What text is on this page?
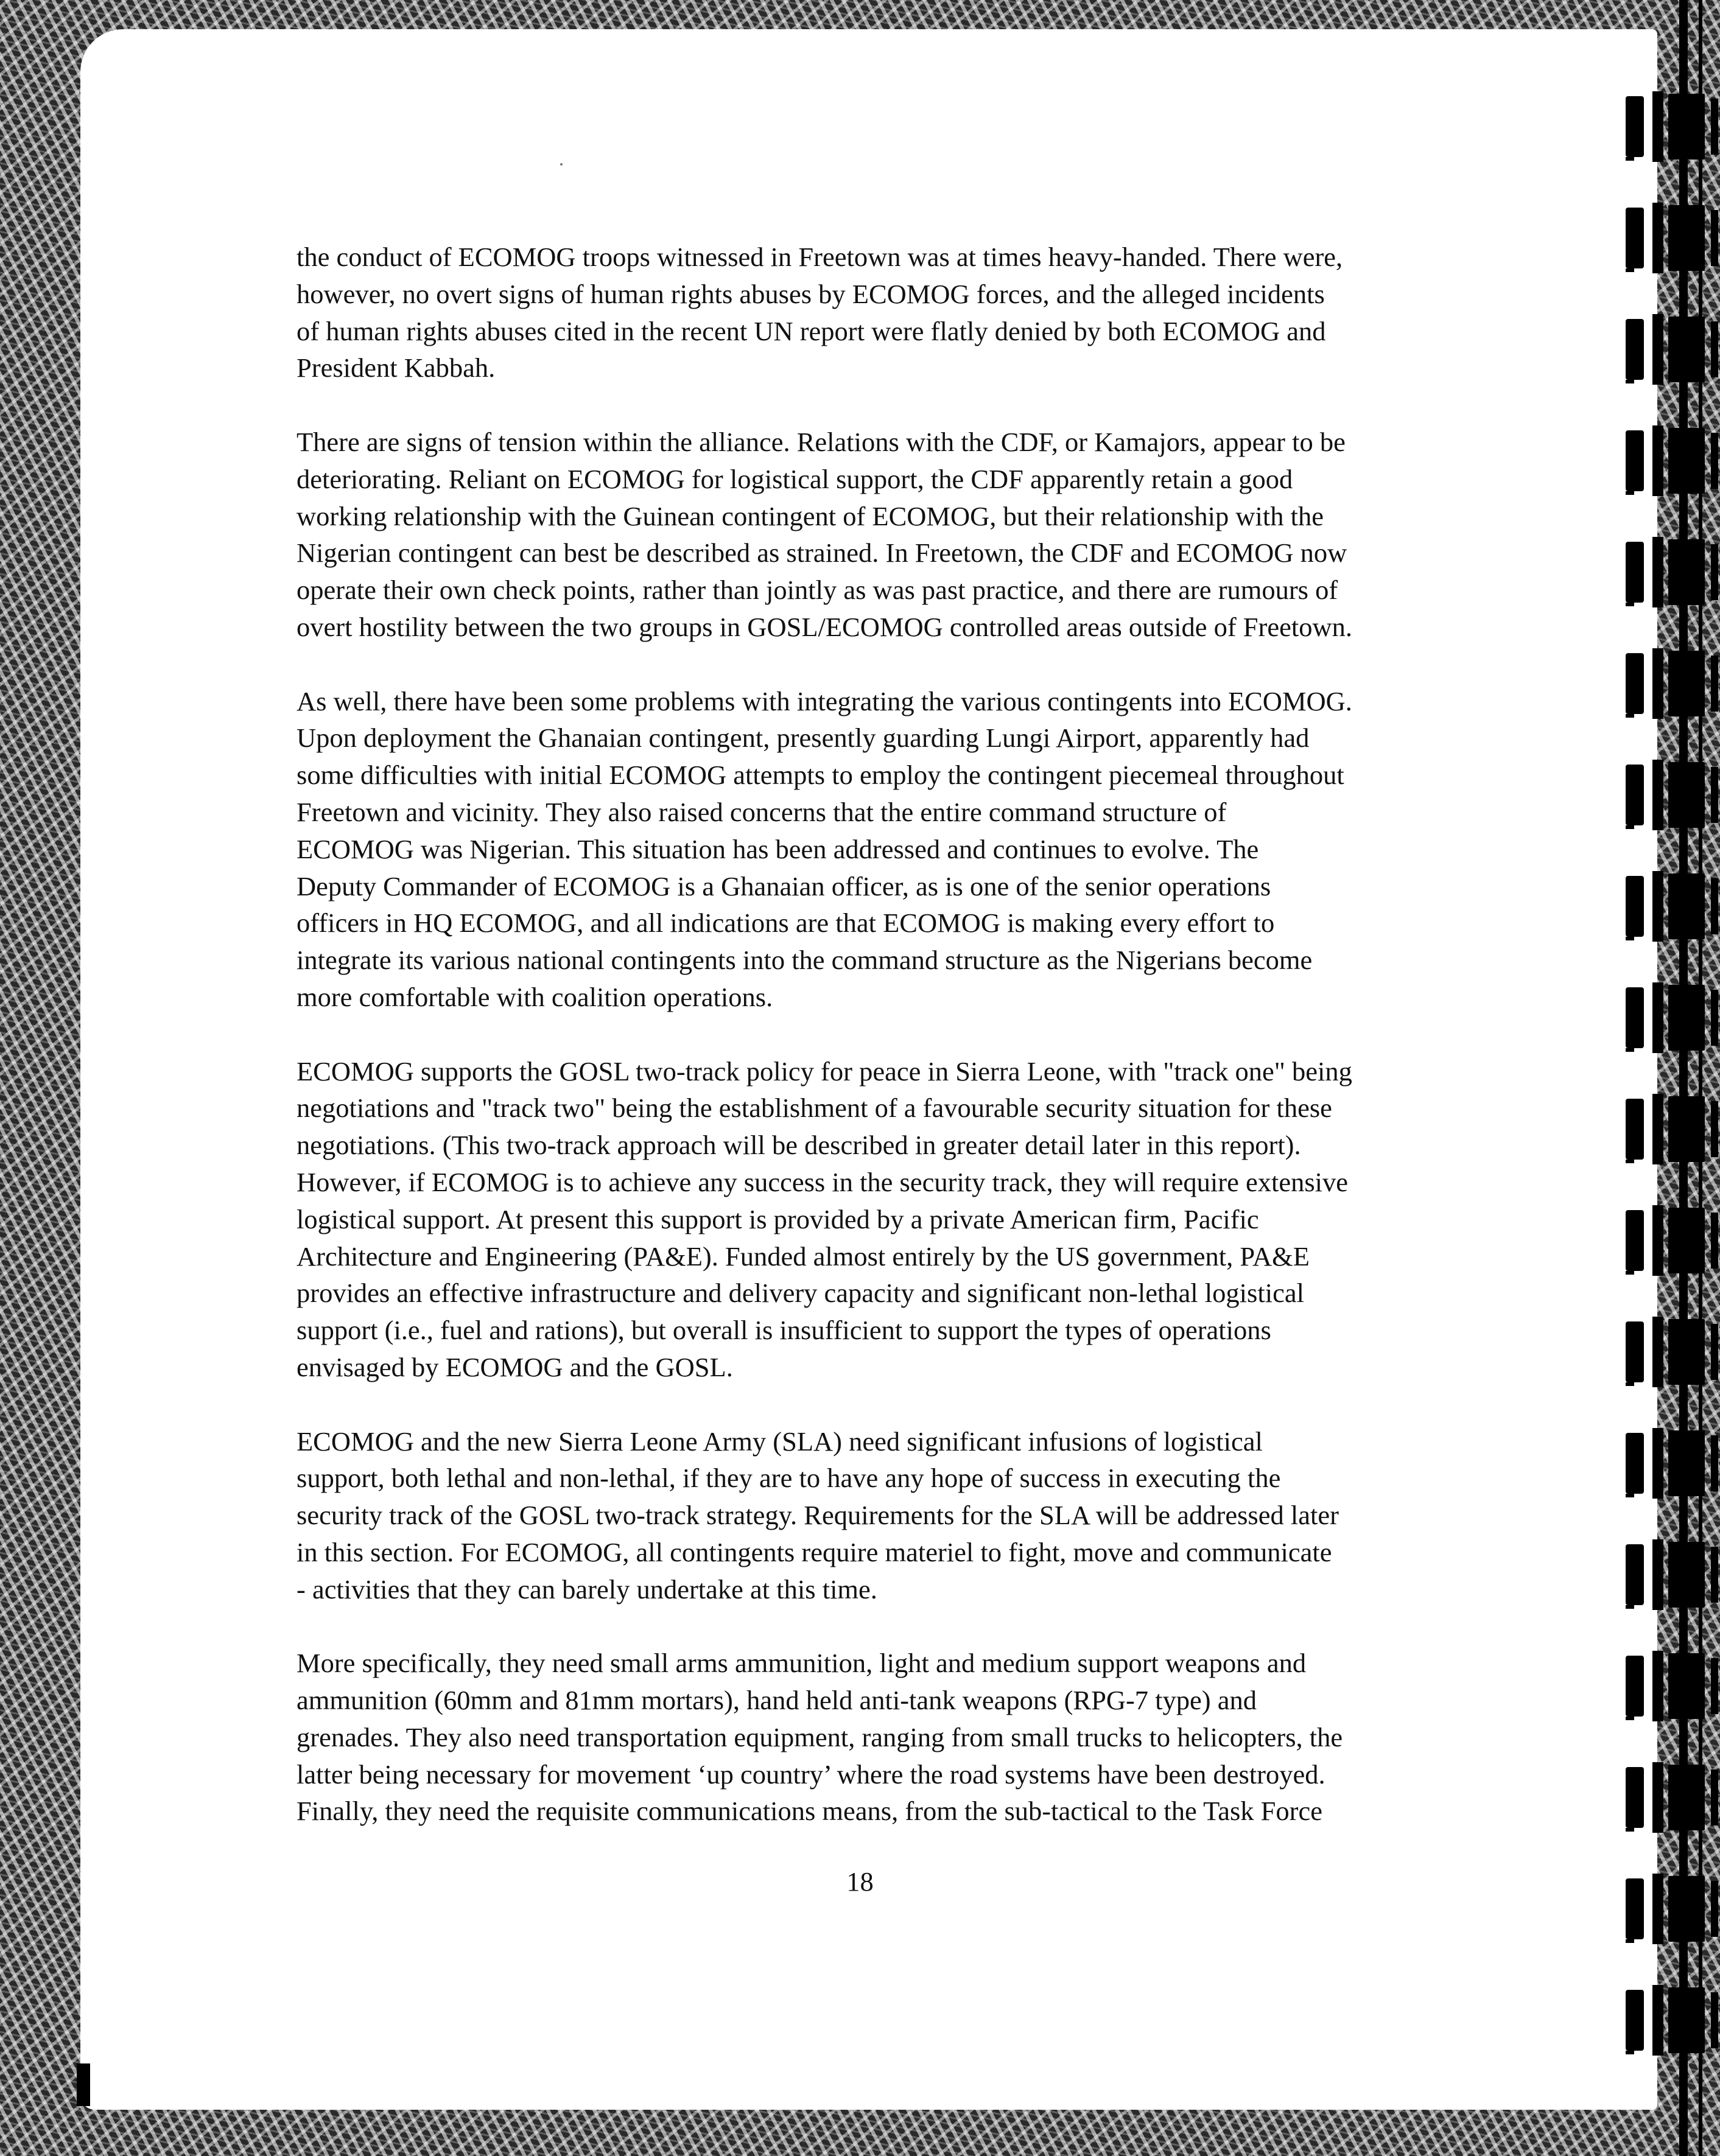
the conduct of ECOMOG troops witnessed in Freetown was at times heavy-handed. There were,
however, no overt signs of human rights abuses by ECOMOG forces, and the alleged incidents
of human rights abuses cited in the recent UN report were flatly denied by both ECOMOG and
President Kabbah.

There are signs of tension within the alliance. Relations with the CDF, or Kamajors, appear to be
deteriorating. Reliant on ECOMOG for logistical support, the CDF apparently retain a good
working relationship with the Guinean contingent of ECOMOG, but their relationship with the
Nigerian contingent can best be described as strained. In Freetown, the CDF and ECOMOG now
operate their own check points, rather than jointly as was past practice, and there are rumours of
overt hostility between the two groups in GOSL/ECOMOG controlled areas outside of Freetown.

As well, there have been some problems with integrating the various contingents into ECOMOG.
Upon deployment the Ghanaian contingent, presently guarding Lungi Airport, apparently had
some difficulties with initial ECOMOG attempts to employ the contingent piecemeal throughout
Freetown and vicinity. They also raised concerns that the entire command structure of
ECOMOG was Nigerian. This situation has been addressed and continues to evolve. The
Deputy Commander of ECOMOG is a Ghanaian officer, as is one of the senior operations
officers in HQ ECOMOG, and all indications are that ECOMOG is making every effort to
integrate its various national contingents into the command structure as the Nigerians become
more comfortable with coalition operations.

ECOMOG supports the GOSL two-track policy for peace in Sierra Leone, with "track one" being
negotiations and "track two" being the establishment of a favourable security situation for these
negotiations. (This two-track approach will be described in greater detail later in this report).
However, if ECOMOG is to achieve any success in the security track, they will require extensive
logistical support. At present this support is provided by a private American firm, Pacific
Architecture and Engineering (PA&E). Funded almost entirely by the US government, PA&E
provides an effective infrastructure and delivery capacity and significant non-lethal logistical
support (i.e., fuel and rations), but overall is insufficient to support the types of operations
envisaged by ECOMOG and the GOSL.

ECOMOG and the new Sierra Leone Army (SLA) need significant infusions of logistical
support, both lethal and non-lethal, if they are to have any hope of success in executing the
security track of the GOSL two-track strategy. Requirements for the SLA will be addressed later
in this section. For ECOMOG, all contingents require materiel to fight, move and communicate
- activities that they can barely undertake at this time.

More specifically, they need small arms ammunition, light and medium support weapons and
ammunition (60mm and 81mm mortars), hand held anti-tank weapons (RPG-7 type) and
grenades. They also need transportation equipment, ranging from small trucks to helicopters, the
latter being necessary for movement ‘up country’ where the road systems have been destroyed.
Finally, they need the requisite communications means, from the sub-tactical to the Task Force

18
